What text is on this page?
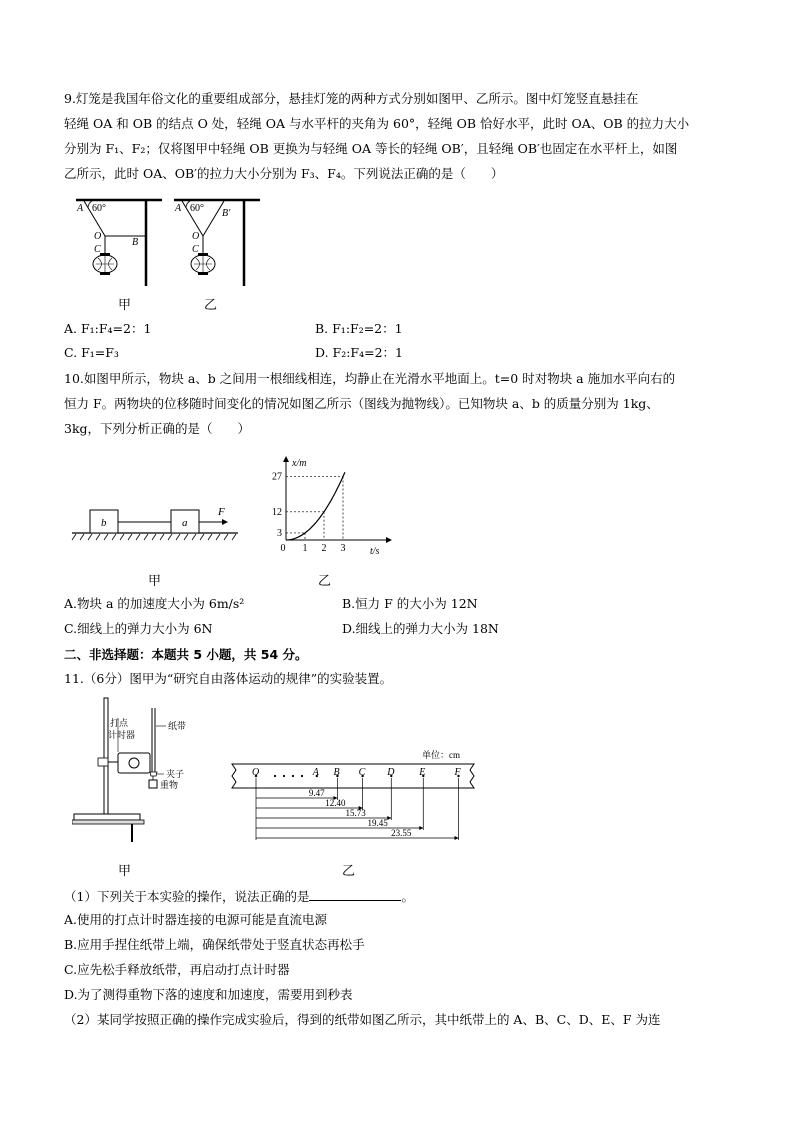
9.灯笼是我国年俗文化的重要组成部分，悬挂灯笼的两种方式分别如图甲、乙所示。图中灯笼竖直悬挂在
轻绳 OA 和 OB 的结点 O 处，轻绳 OA 与水平杆的夹角为 60°，轻绳 OB 恰好水平，此时 OA、OB 的拉力大小
分别为 F₁、F₂；仅将图甲中轻绳 OB 更换为与轻绳 OA 等长的轻绳 OB′，且轻绳 OB′也固定在水平杆上，如图
乙所示，此时 OA、OB′的拉力大小分别为 F₃、F₄。下列说法正确的是（　　）
A 60°
O
B
C
A 60° B′
O
C
甲	乙
A. F₁:F₄=2：1	B. F₁:F₂=2：1
C. F₁=F₃	D. F₂:F₄=2：1
10.如图甲所示，物块 a、b 之间用一根细线相连，均静止在光滑水平地面上。t=0 时对物块 a 施加水平向右的
恒力 F。两物块的位移随时间变化的情况如图乙所示（图线为抛物线）。已知物块 a、b 的质量分别为 1kg、
3kg，下列分析正确的是（　　）
b	a
F
x/m
t/s
3
12
27
0 1 2 3
甲	乙
A.物块 a 的加速度大小为 6m/s²	B.恒力 F 的大小为 12N
C.细线上的弹力大小为 6N	D.细线上的弹力大小为 18N
二、非选择题：本题共 5 小题，共 54 分。
11.（6分）图甲为“研究自由落体运动的规律”的实验装置。
打点
计时器
纸带
夹子
重物
单位：cm
O	A B C D E	F
9.47
12.40
15.73
19.45
23.55
甲	乙
（1）下列关于本实验的操作，说法正确的是	。
A.使用的打点计时器连接的电源可能是直流电源
B.应用手捏住纸带上端，确保纸带处于竖直状态再松手
C.应先松手释放纸带，再启动打点计时器
D.为了测得重物下落的速度和加速度，需要用到秒表
（2）某同学按照正确的操作完成实验后，得到的纸带如图乙所示，其中纸带上的 A、B、C、D、E、F 为连
